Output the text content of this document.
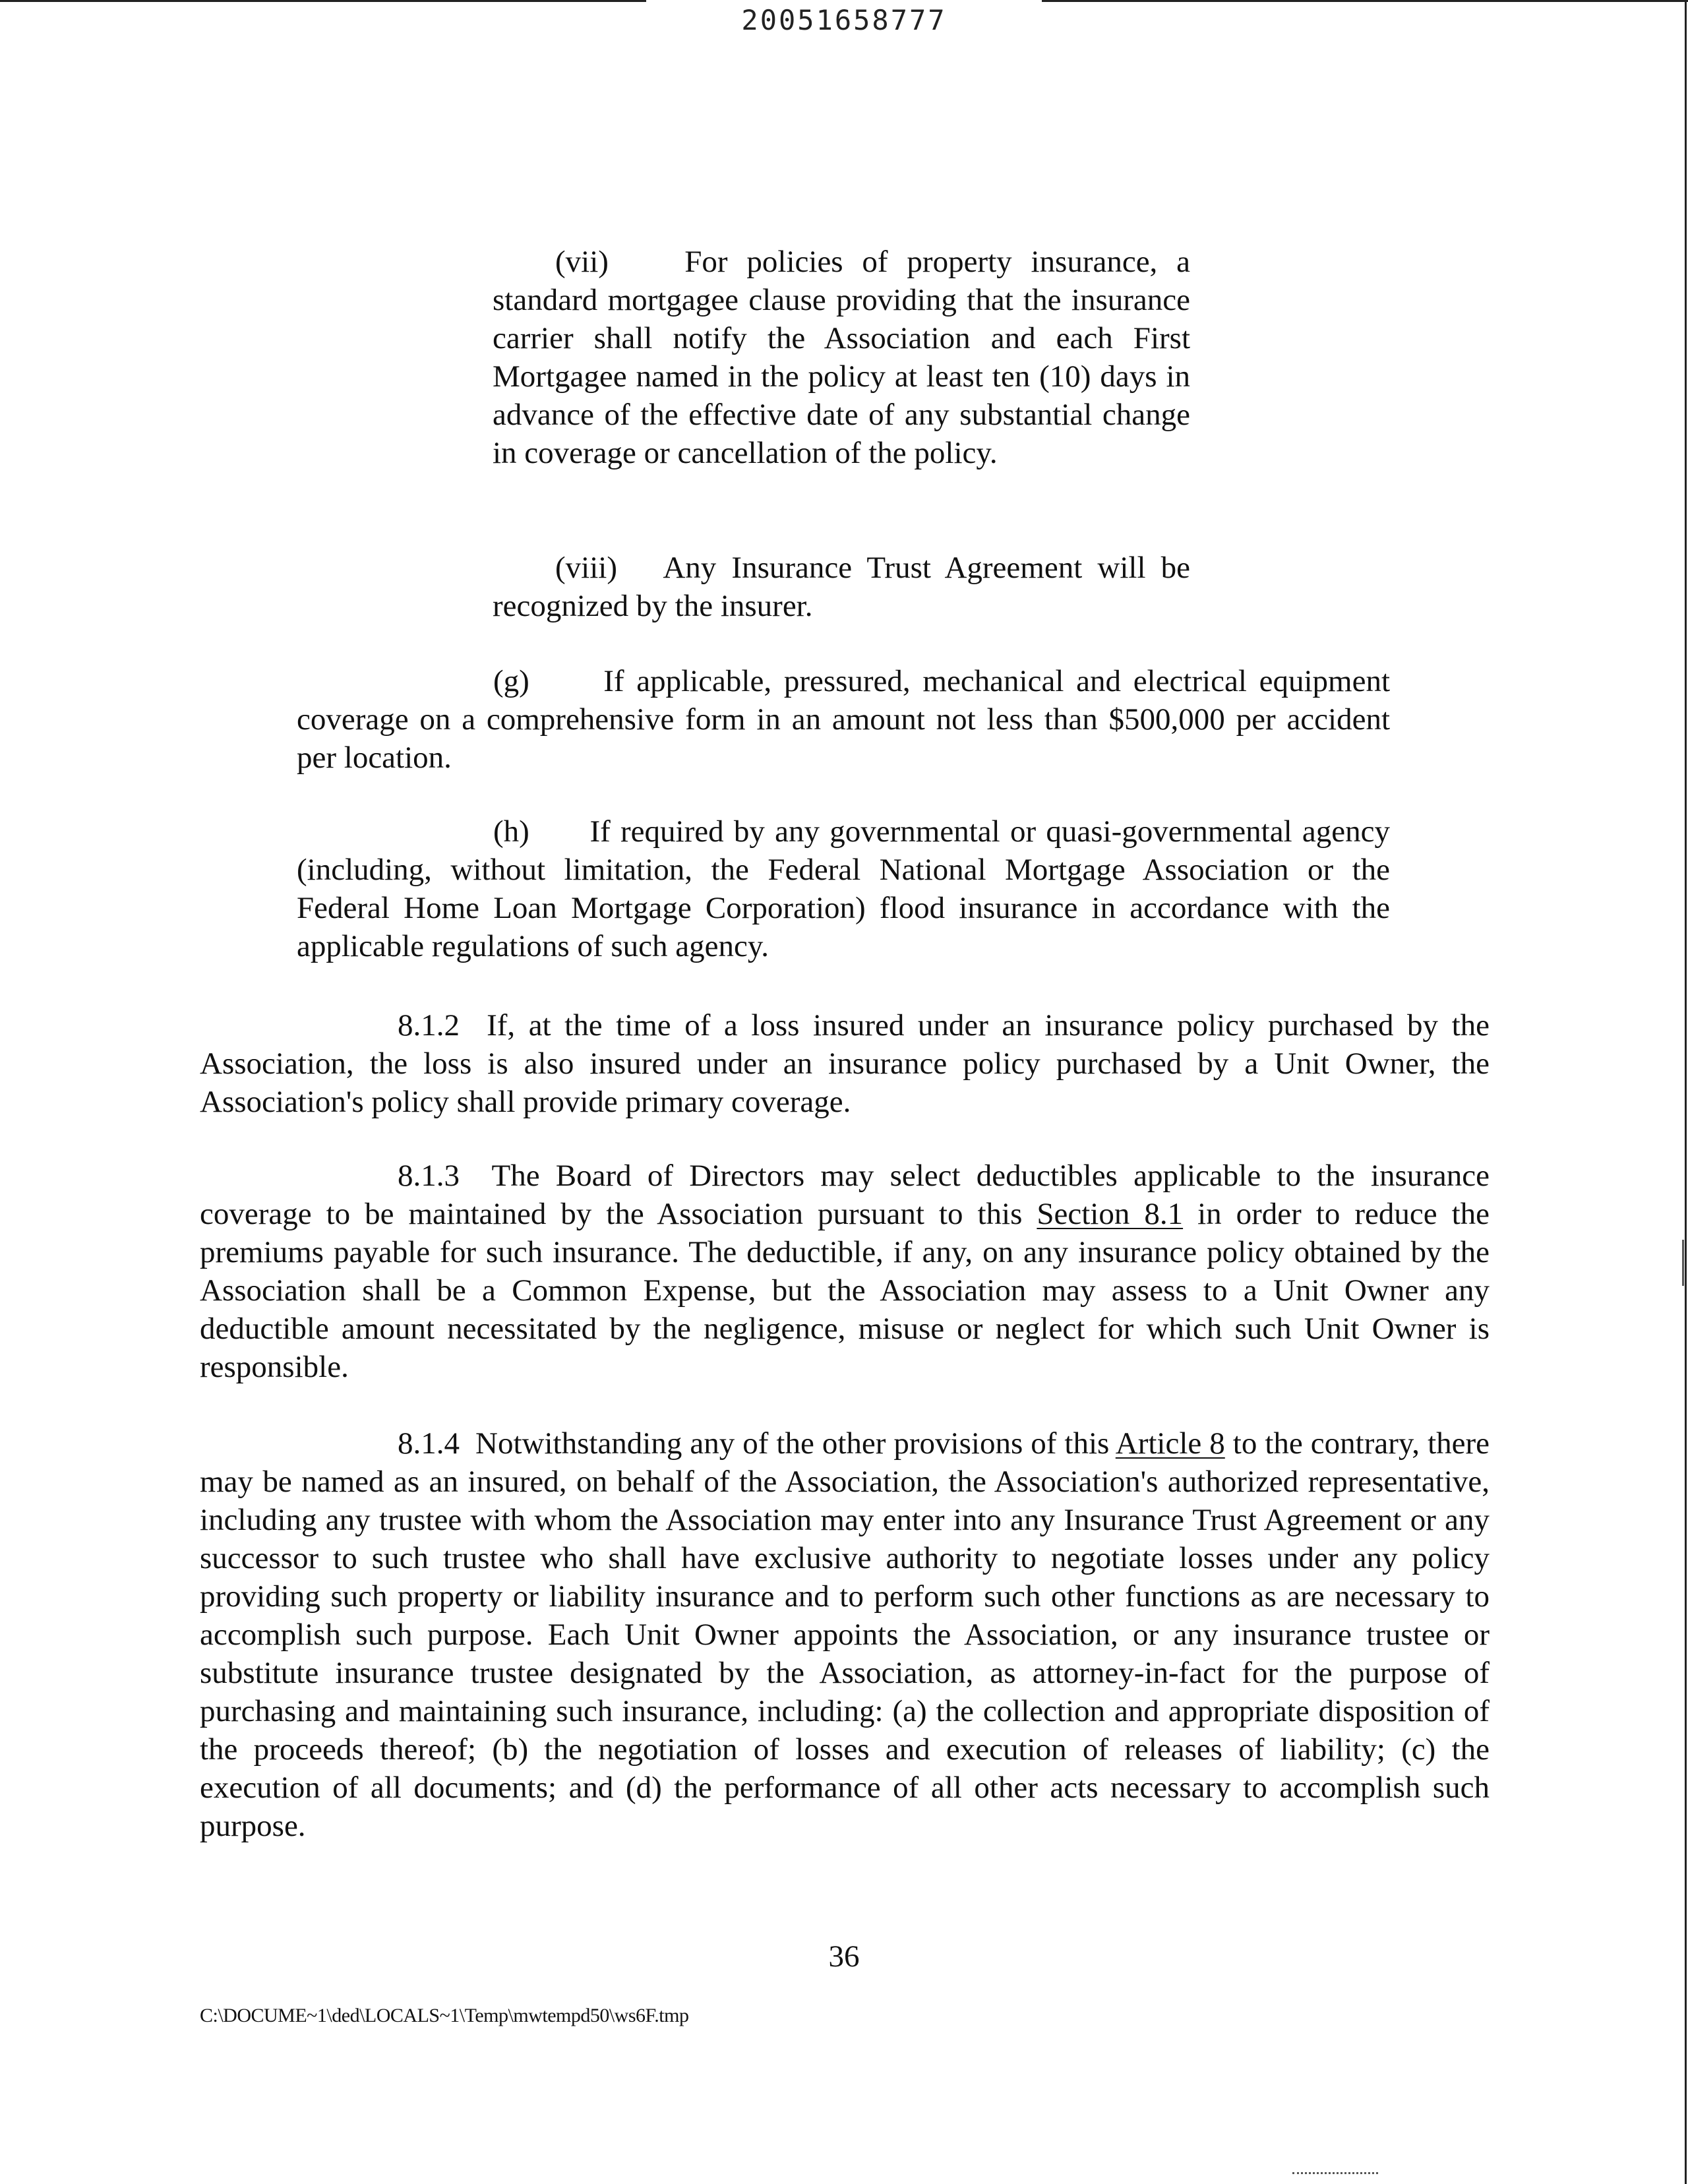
20051658777

(vii) For policies of property insurance, a standard mortgagee clause providing that the insurance carrier shall notify the Association and each First Mortgagee named in the policy at least ten (10) days in advance of the effective date of any substantial change in coverage or cancellation of the policy.

(viii) Any Insurance Trust Agreement will be recognized by the insurer.

(g) If applicable, pressured, mechanical and electrical equipment coverage on a comprehensive form in an amount not less than $500,000 per accident per location.

(h) If required by any governmental or quasi-governmental agency (including, without limitation, the Federal National Mortgage Association or the Federal Home Loan Mortgage Corporation) flood insurance in accordance with the applicable regulations of such agency.

8.1.2 If, at the time of a loss insured under an insurance policy purchased by the Association, the loss is also insured under an insurance policy purchased by a Unit Owner, the Association's policy shall provide primary coverage.

8.1.3 The Board of Directors may select deductibles applicable to the insurance coverage to be maintained by the Association pursuant to this Section 8.1 in order to reduce the premiums payable for such insurance. The deductible, if any, on any insurance policy obtained by the Association shall be a Common Expense, but the Association may assess to a Unit Owner any deductible amount necessitated by the negligence, misuse or neglect for which such Unit Owner is responsible.

8.1.4 Notwithstanding any of the other provisions of this Article 8 to the contrary, there may be named as an insured, on behalf of the Association, the Association's authorized representative, including any trustee with whom the Association may enter into any Insurance Trust Agreement or any successor to such trustee who shall have exclusive authority to negotiate losses under any policy providing such property or liability insurance and to perform such other functions as are necessary to accomplish such purpose. Each Unit Owner appoints the Association, or any insurance trustee or substitute insurance trustee designated by the Association, as attorney-in-fact for the purpose of purchasing and maintaining such insurance, including: (a) the collection and appropriate disposition of the proceeds thereof; (b) the negotiation of losses and execution of releases of liability; (c) the execution of all documents; and (d) the performance of all other acts necessary to accomplish such purpose.

36

C:\DOCUME~1\ded\LOCALS~1\Temp\mwtempd50\ws6F.tmp
